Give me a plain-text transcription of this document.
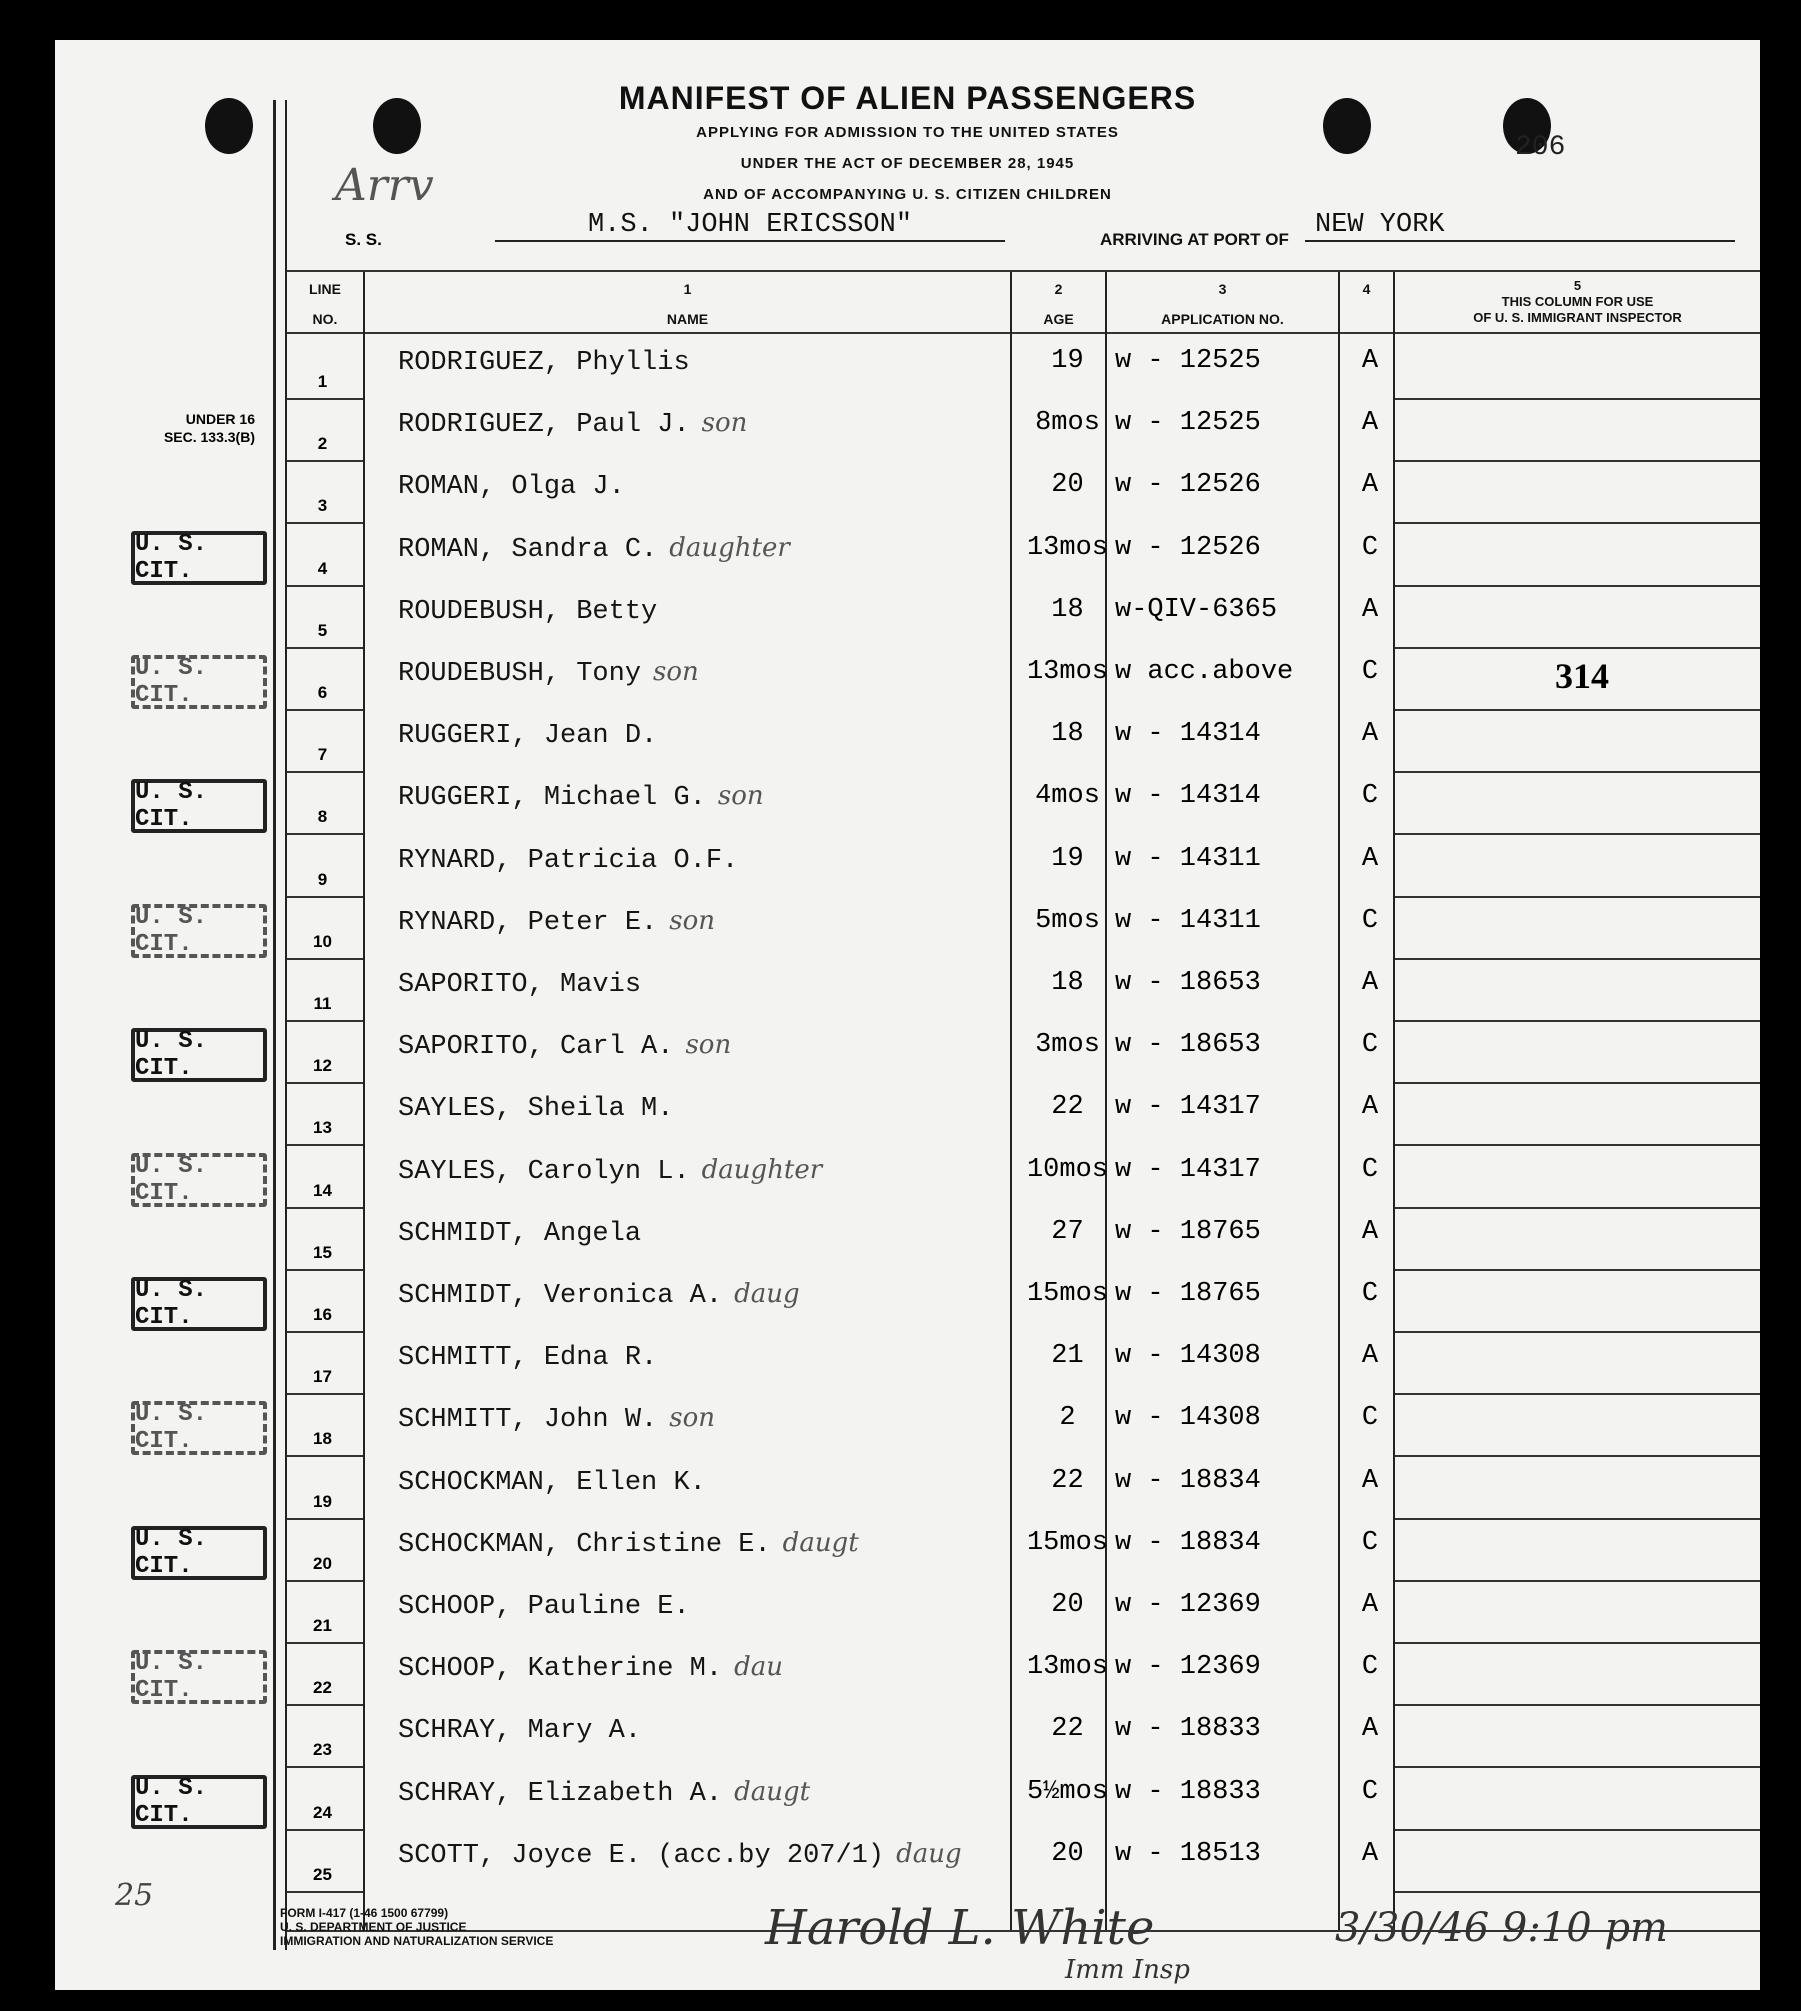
MANIFEST OF ALIEN PASSENGERS
APPLYING FOR ADMISSION TO THE UNITED STATES
UNDER THE ACT OF DECEMBER 28, 1945
AND OF ACCOMPANYING U. S. CITIZEN CHILDREN
206
Arrv
S. S.	M.S. "JOHN ERICSSON"	ARRIVING AT PORT OF NEW YORK
LINE
NO.
1
NAME
2
AGE
3
APPLICATION NO.
4	5
THIS COLUMN FOR USE
OF U. S. IMMIGRANT INSPECTOR
1
RODRIGUEZ, Phyllis	19	w - 12525	A
2
RODRIGUEZ, Paul J. son	8mos w - 12525	A
3
ROMAN, Olga J.	20	w - 12526	A
4
ROMAN, Sandra C. daughter	13mos w - 12526	C
U. S. CIT.
5
ROUDEBUSH, Betty	18	w-QIV-6365	A
6
ROUDEBUSH, Tony son	13mos w acc.above	C
U. S. CIT.	314
7
RUGGERI, Jean D.	18	w - 14314	A
8
RUGGERI, Michael G. son	4mos w - 14314	C
U. S. CIT.
9
RYNARD, Patricia O.F.	19	w - 14311	A
10
RYNARD, Peter E. son	5mos w - 14311	C
U. S. CIT.
11
SAPORITO, Mavis	18	w - 18653	A
12
SAPORITO, Carl A. son	3mos w - 18653	C
U. S. CIT.
13
SAYLES, Sheila M.	22	w - 14317	A
14
SAYLES, Carolyn L. daughter	10mos w - 14317	C
U. S. CIT.
15
SCHMIDT, Angela	27	w - 18765	A
16
SCHMIDT, Veronica A. daug	15mos w - 18765	C
U. S. CIT.
17
SCHMITT, Edna R.	21	w - 14308	A
18
SCHMITT, John W. son	2	w - 14308	C
U. S. CIT.
19
SCHOCKMAN, Ellen K.	22	w - 18834	A
20
SCHOCKMAN, Christine E. daugt	15mos w - 18834	C
U. S. CIT.
21
SCHOOP, Pauline E.	20	w - 12369	A
22
SCHOOP, Katherine M. dau	13mos w - 12369	C
U. S. CIT.
23
SCHRAY, Mary A.	22	w - 18833	A
24
SCHRAY, Elizabeth A. daugt	5½mos w - 18833	C
U. S. CIT.
25
SCOTT, Joyce E. (acc.by 207/1) daug	20	w - 18513	A
UNDER 16
SEC. 133.3(B)
FORM I-417 (1-46 1500 67799)
U. S. DEPARTMENT OF JUSTICE
IMMIGRATION AND NATURALIZATION SERVICE	Harold L. White
Imm Insp
3/30/46 9:10 pm
25
